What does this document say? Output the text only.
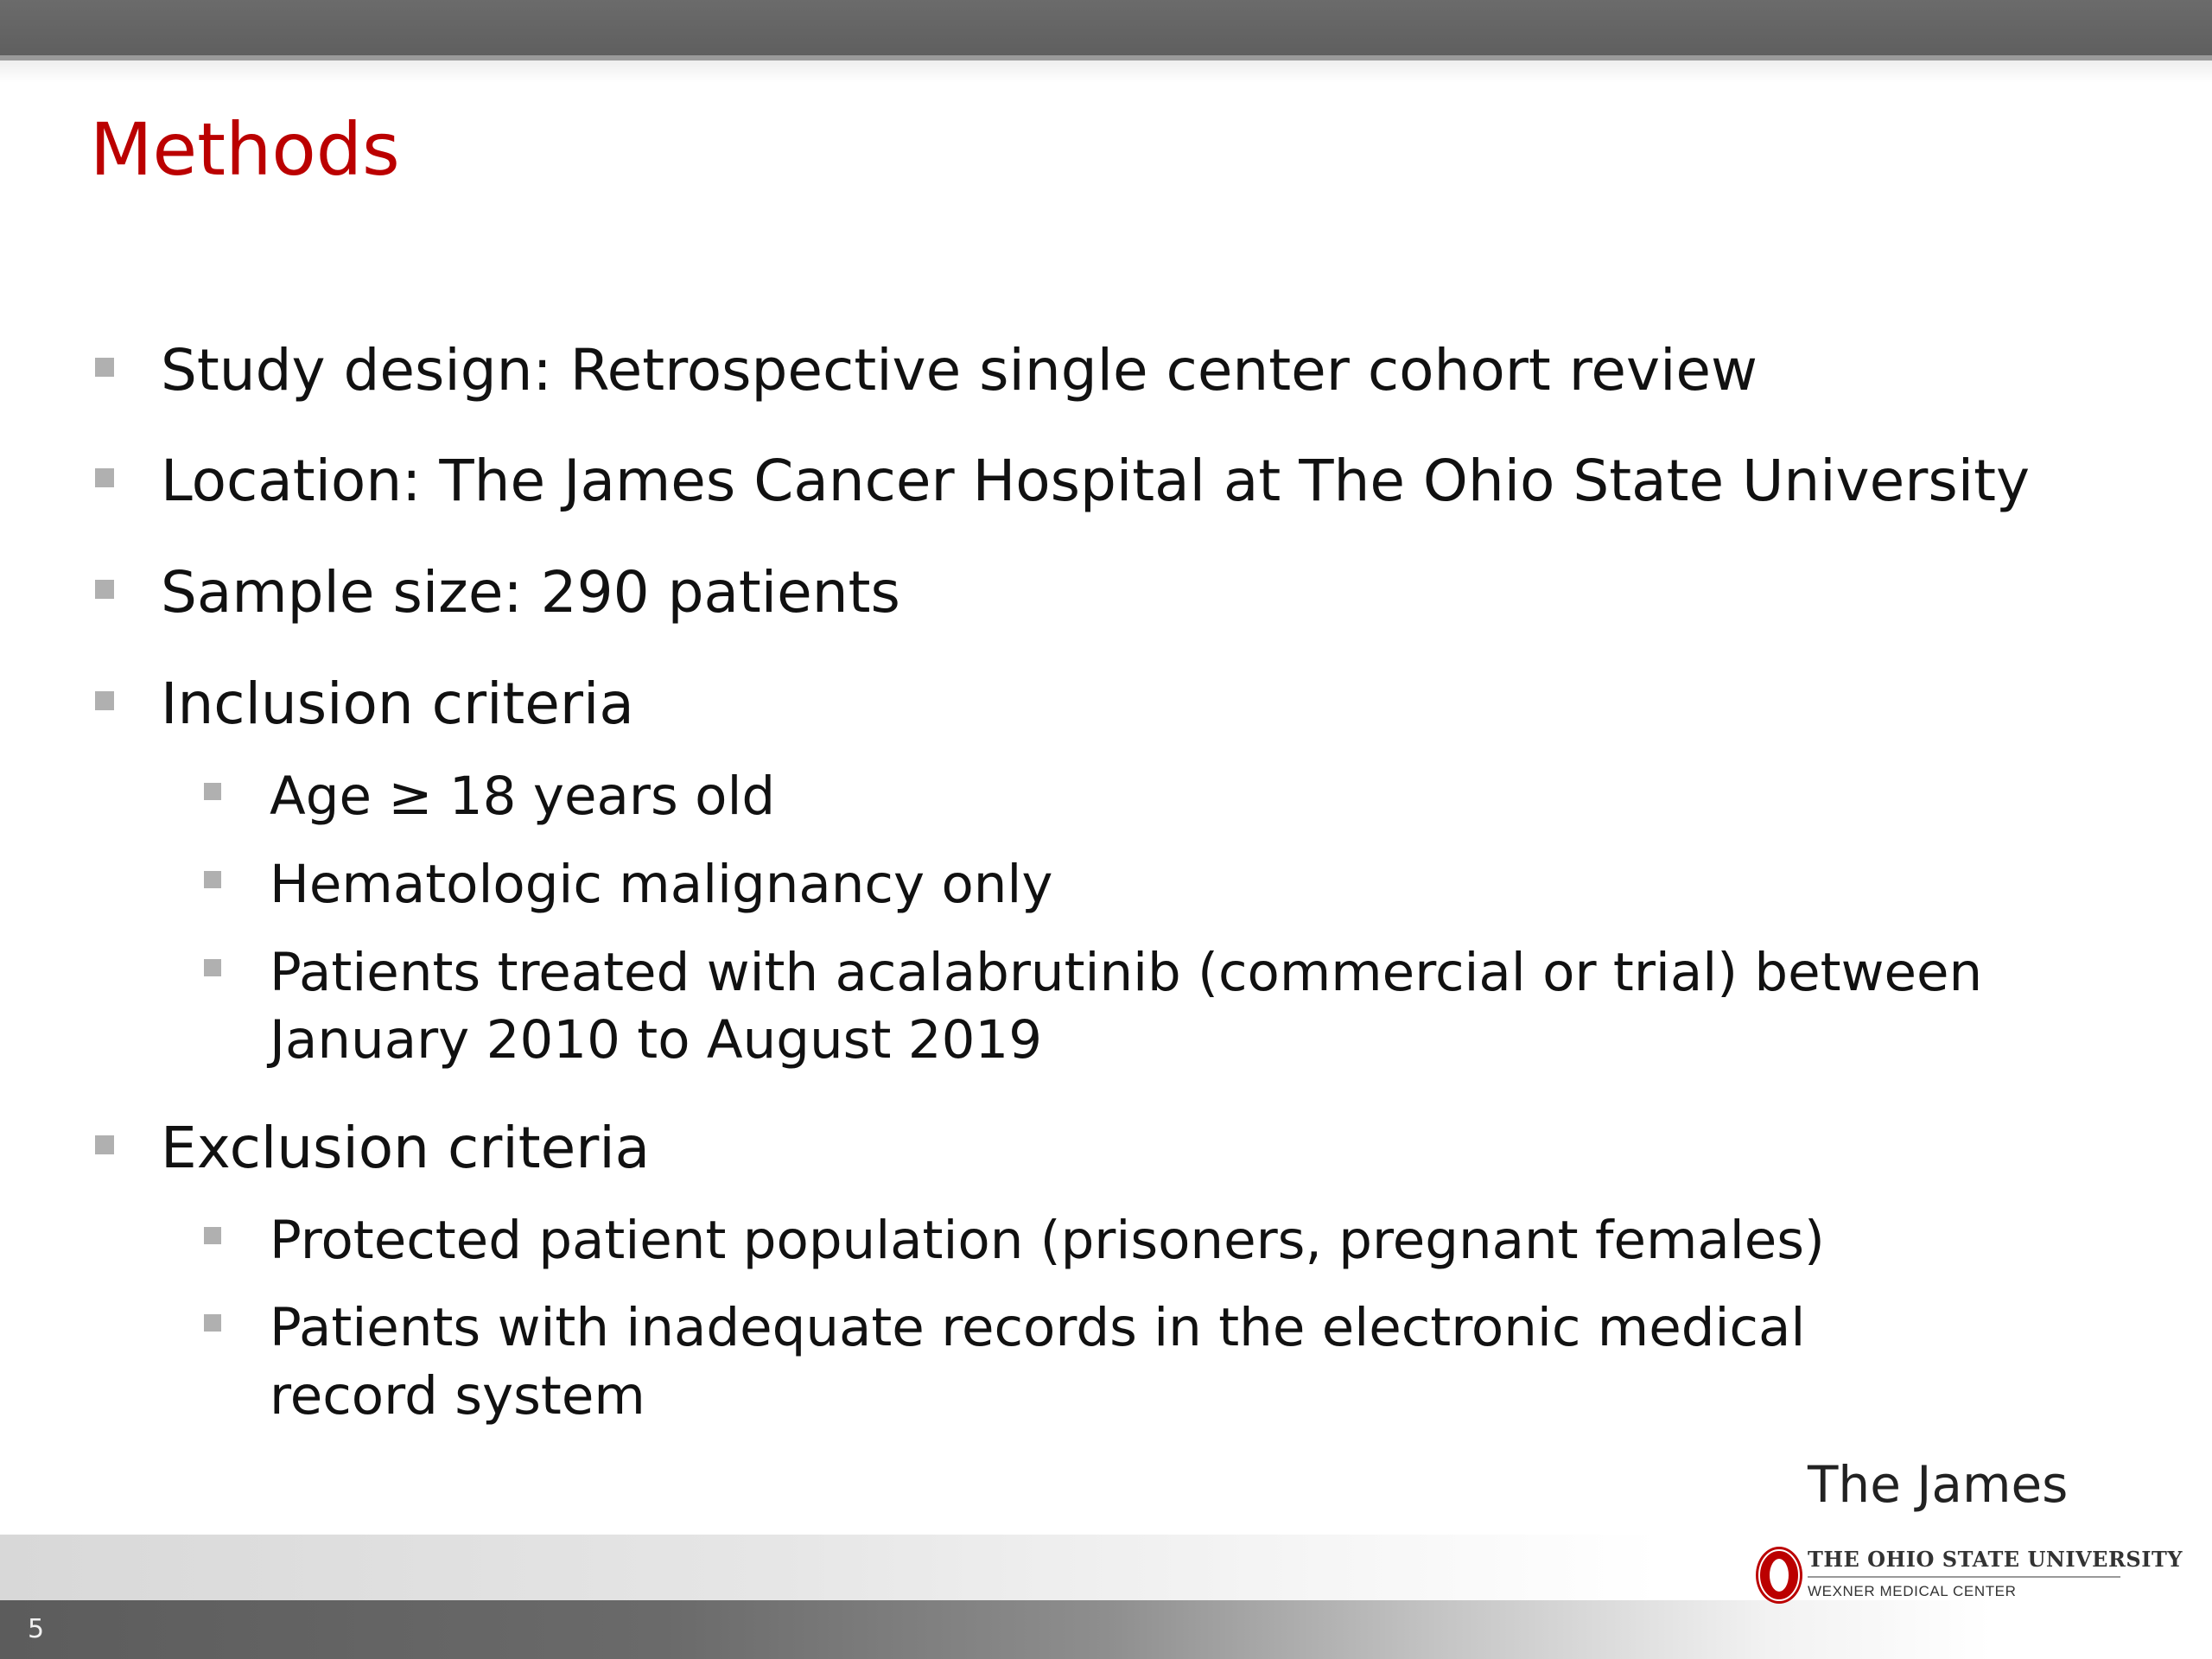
Methods
Study design: Retrospective single center cohort review
Location: The James Cancer Hospital at The Ohio State University
Sample size: 290 patients
Inclusion criteria
Age ≥ 18 years old
Hematologic malignancy only
Patients treated with acalabrutinib (commercial or trial) between
January 2010 to August 2019
Exclusion criteria
Protected patient population (prisoners, pregnant females)
Patients with inadequate records in the electronic medical
record system
5
The James
THE OHIO STATE UNIVERSITY
WEXNER MEDICAL CENTER
